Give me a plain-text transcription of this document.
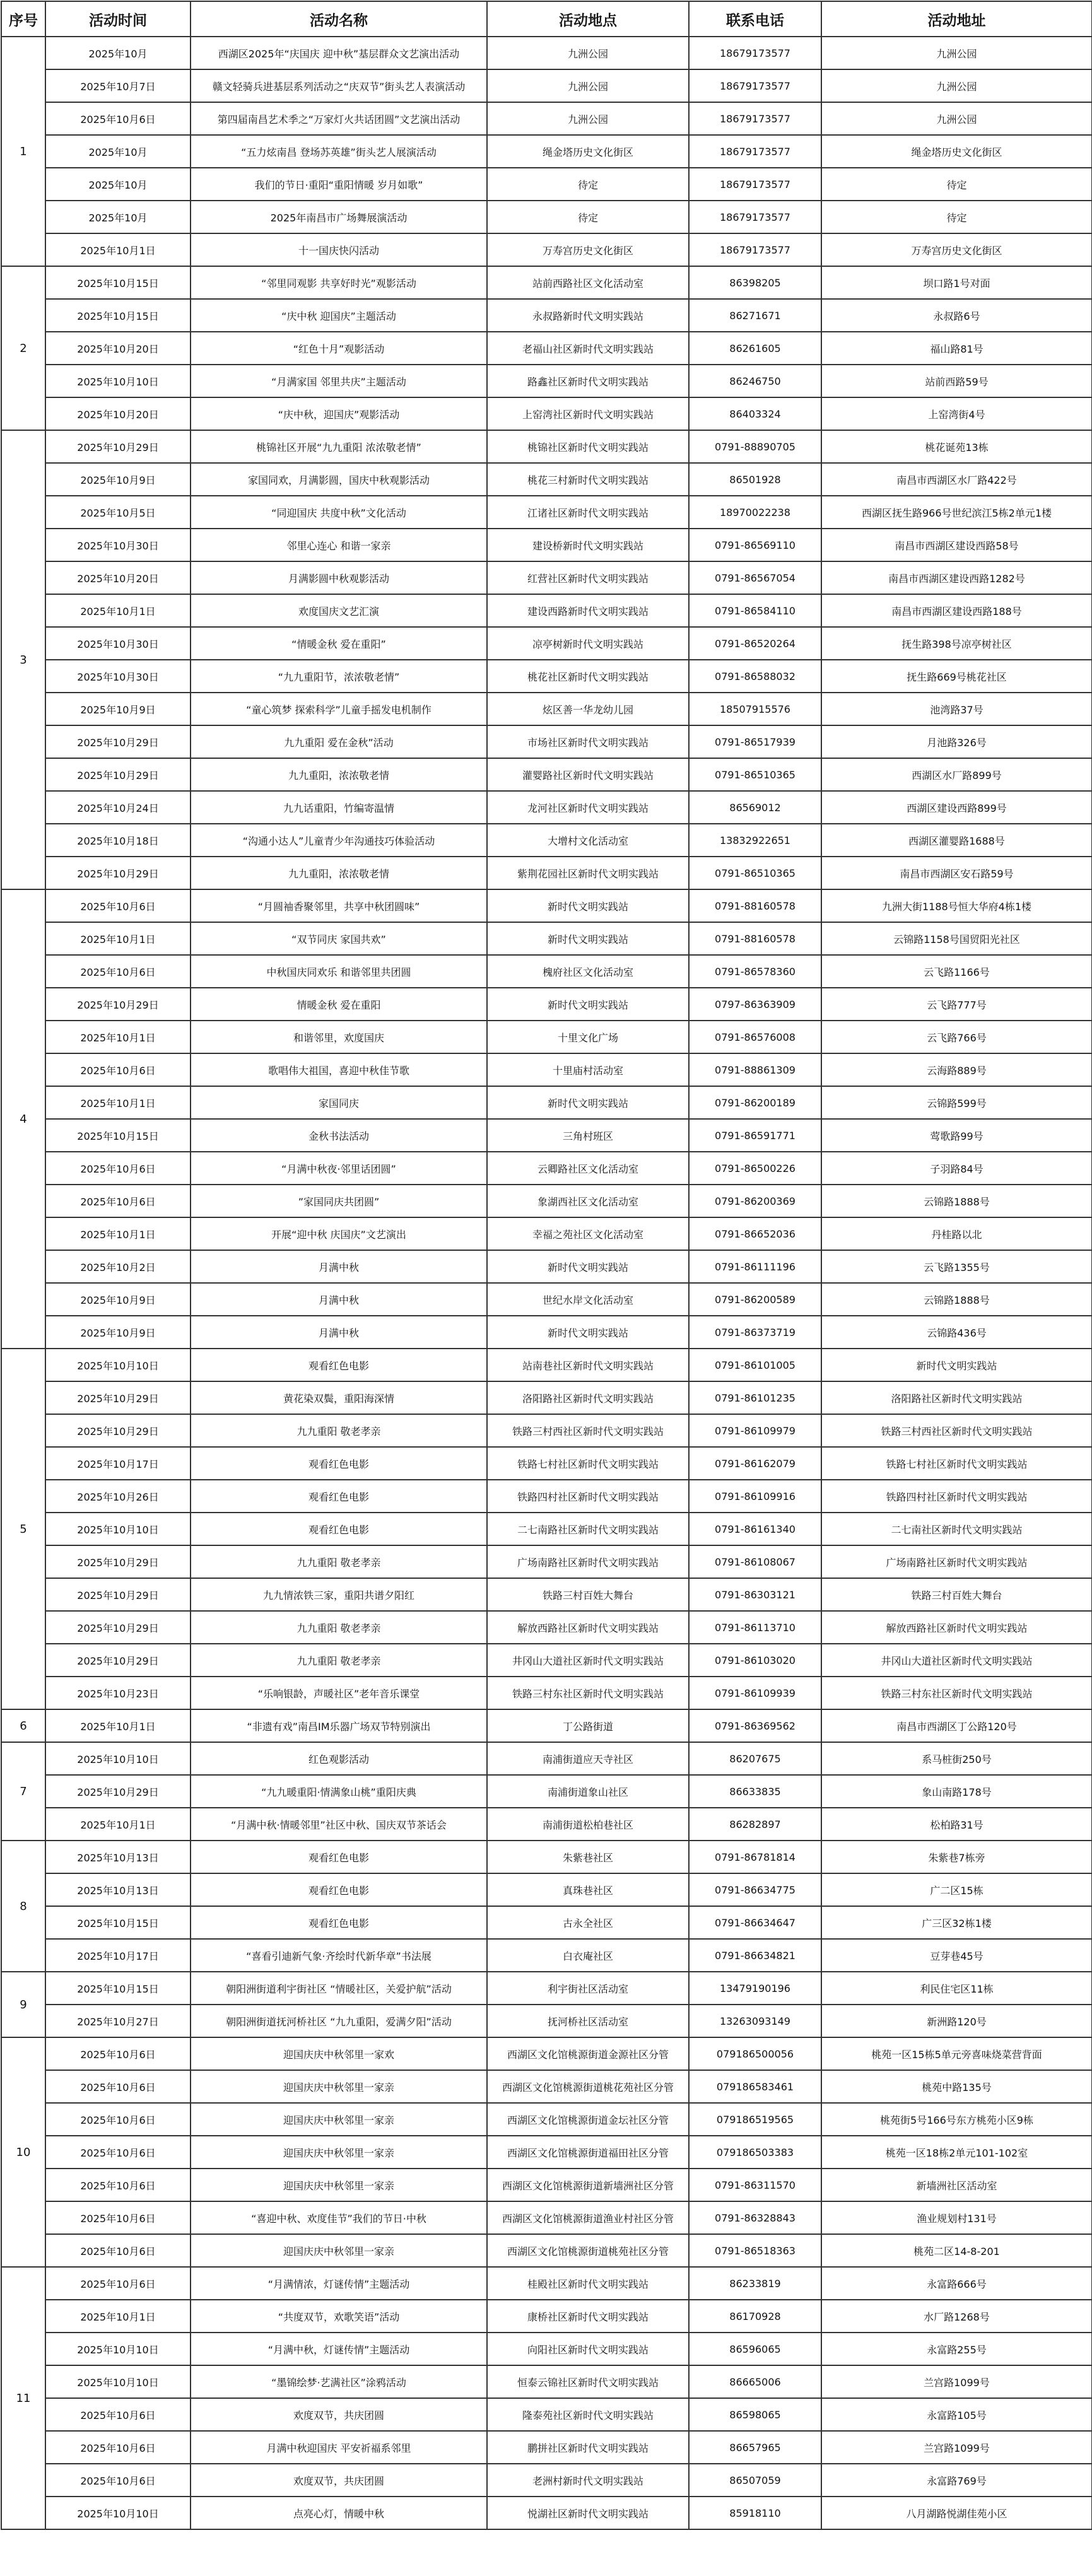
序号	活动时间	活动名称	活动地点	联系电话	活动地址
1	2025年10月	西湖区2025年“庆国庆 迎中秋”基层群众文艺演出活动	九洲公园	18679173577	九洲公园
	2025年10月7日	赣文轻骑兵进基层系列活动之“庆双节”街头艺人表演活动	九洲公园	18679173577	九洲公园
	2025年10月6日	第四届南昌艺术季之“万家灯火共话团圆”文艺演出活动	九洲公园	18679173577	九洲公园
	2025年10月	“五力炫南昌 登场苏英雄”街头艺人展演活动	绳金塔历史文化街区	18679173577	绳金塔历史文化街区
	2025年10月	我们的节日·重阳“重阳情暖 岁月如歌”	待定	18679173577	待定
	2025年10月	2025年南昌市广场舞展演活动	待定	18679173577	待定
	2025年10月1日	十一国庆快闪活动	万寿宫历史文化街区	18679173577	万寿宫历史文化街区
2	2025年10月15日	“邻里同观影 共享好时光”观影活动	站前西路社区文化活动室	86398205	坝口路1号对面
	2025年10月15日	“庆中秋 迎国庆”主题活动	永叔路新时代文明实践站	86271671	永叔路6号
	2025年10月20日	“红色十月”观影活动	老福山社区新时代文明实践站	86261605	福山路81号
	2025年10月10日	“月满家国 邻里共庆”主题活动	路鑫社区新时代文明实践站	86246750	站前西路59号
	2025年10月20日	“庆中秋，迎国庆”观影活动	上窑湾社区新时代文明实践站	86403324	上窑湾街4号
3	2025年10月29日	桃锦社区开展“九九重阳 浓浓敬老情”	桃锦社区新时代文明实践站	0791-88890705	桃花诞苑13栋
	2025年10月9日	家国同欢，月满影圆，国庆中秋观影活动	桃花三村新时代文明实践站	86501928	南昌市西湖区水厂路422号
	2025年10月5日	“同迎国庆 共度中秋”文化活动	江诸社区新时代文明实践站	18970022238	西湖区抚生路966号世纪滨江5栋2单元1楼
	2025年10月30日	邻里心连心 和谐一家亲	建设桥新时代文明实践站	0791-86569110	南昌市西湖区建设西路58号
	2025年10月20日	月满影圆中秋观影活动	红营社区新时代文明实践站	0791-86567054	南昌市西湖区建设西路1282号
	2025年10月1日	欢度国庆文艺汇演	建设西路新时代文明实践站	0791-86584110	南昌市西湖区建设西路188号
	2025年10月30日	“情暖金秋 爱在重阳”	凉亭树新时代文明实践站	0791-86520264	抚生路398号凉亭树社区
	2025年10月30日	“九九重阳节，浓浓敬老情”	桃花社区新时代文明实践站	0791-86588032	抚生路669号桃花社区
	2025年10月9日	“童心筑梦 探索科学”儿童手摇发电机制作	炫区善一华龙幼儿园	18507915576	池湾路37号
	2025年10月29日	九九重阳 爱在金秋”活动	市场社区新时代文明实践站	0791-86517939	月池路326号
	2025年10月29日	九九重阳，浓浓敬老情	灌婴路社区新时代文明实践站	0791-86510365	西湖区水厂路899号
	2025年10月24日	九九话重阳，竹编寄温情	龙河社区新时代文明实践站	86569012	西湖区建设西路899号
	2025年10月18日	“沟通小达人”儿童青少年沟通技巧体验活动	大增村文化活动室	13832922651	西湖区灌婴路1688号
	2025年10月29日	九九重阳，浓浓敬老情	紫荆花园社区新时代文明实践站	0791-86510365	南昌市西湖区安石路59号
4	2025年10月6日	“月圆袖香聚邻里，共享中秋团圆味”	新时代文明实践站	0791-88160578	九洲大街1188号恒大华府4栋1楼
	2025年10月1日	“双节同庆 家国共欢”	新时代文明实践站	0791-88160578	云锦路1158号国贸阳光社区
	2025年10月6日	中秋国庆同欢乐 和谐邻里共团圆	槐府社区文化活动室	0791-86578360	云飞路1166号
	2025年10月29日	情暖金秋 爱在重阳	新时代文明实践站	0797-86363909	云飞路777号
	2025年10月1日	和谐邻里，欢度国庆	十里文化广场	0791-86576008	云飞路766号
	2025年10月6日	歌唱伟大祖国，喜迎中秋佳节歌	十里庙村活动室	0791-88861309	云海路889号
	2025年10月1日	家国同庆	新时代文明实践站	0791-86200189	云锦路599号
	2025年10月15日	金秋书法活动	三角村班区	0791-86591771	莺歌路99号
	2025年10月6日	“月满中秋夜·邻里话团圆”	云卿路社区文化活动室	0791-86500226	子羽路84号
	2025年10月6日	”家国同庆共团圆”	象湖西社区文化活动室	0791-86200369	云锦路1888号
	2025年10月1日	开展“迎中秋 庆国庆”文艺演出	幸福之苑社区文化活动室	0791-86652036	丹桂路以北
	2025年10月2日	月满中秋	新时代文明实践站	0791-86111196	云飞路1355号
	2025年10月9日	月满中秋	世纪水岸文化活动室	0791-86200589	云锦路1888号
	2025年10月9日	月满中秋	新时代文明实践站	0791-86373719	云锦路436号
5	2025年10月10日	观看红色电影	站南巷社区新时代文明实践站	0791-86101005	新时代文明实践站
	2025年10月29日	黄花染双鬓，重阳海深情	洛阳路社区新时代文明实践站	0791-86101235	洛阳路社区新时代文明实践站
	2025年10月29日	九九重阳 敬老孝亲	铁路三村西社区新时代文明实践站	0791-86109979	铁路三村西社区新时代文明实践站
	2025年10月17日	观看红色电影	铁路七村社区新时代文明实践站	0791-86162079	铁路七村社区新时代文明实践站
	2025年10月26日	观看红色电影	铁路四村社区新时代文明实践站	0791-86109916	铁路四村社区新时代文明实践站
	2025年10月10日	观看红色电影	二七南路社区新时代文明实践站	0791-86161340	二七南社区新时代文明实践站
	2025年10月29日	九九重阳 敬老孝亲	广场南路社区新时代文明实践站	0791-86108067	广场南路社区新时代文明实践站
	2025年10月29日	九九情浓铁三家，重阳共谱夕阳红	铁路三村百姓大舞台	0791-86303121	铁路三村百姓大舞台
	2025年10月29日	九九重阳 敬老孝亲	解放西路社区新时代文明实践站	0791-86113710	解放西路社区新时代文明实践站
	2025年10月29日	九九重阳 敬老孝亲	井冈山大道社区新时代文明实践站	0791-86103020	井冈山大道社区新时代文明实践站
	2025年10月23日	“乐响银龄，声暖社区”老年音乐课堂	铁路三村东社区新时代文明实践站	0791-86109939	铁路三村东社区新时代文明实践站
6	2025年10月1日	“非遗有戏”南昌IM乐器广场双节特别演出	丁公路街道	0791-86369562	南昌市西湖区丁公路120号
7	2025年10月10日	红色观影活动	南浦街道应天寺社区	86207675	系马桩街250号
	2025年10月29日	“九九暖重阳·情满象山桃”重阳庆典	南浦街道象山社区	86633835	象山南路178号
	2025年10月1日	“月满中秋·情暖邻里”社区中秋、国庆双节茶话会	南浦街道松柏巷社区	86282897	松柏路31号
8	2025年10月13日	观看红色电影	朱紫巷社区	0791-86781814	朱紫巷7栋旁
	2025年10月13日	观看红色电影	真珠巷社区	0791-86634775	广二区15栋
	2025年10月15日	观看红色电影	古永全社区	0791-86634647	广三区32栋1楼
	2025年10月17日	“喜看引迪新气象·齐绘时代新华章”书法展	白衣庵社区	0791-86634821	豆芽巷45号
9	2025年10月15日	朝阳洲街道利宇街社区 “情暖社区，关爱护航”活动	利宇街社区活动室	13479190196	利民住宅区11栋
	2025年10月27日	朝阳洲街道抚河桥社区 “九九重阳，爱满夕阳”活动	抚河桥社区活动室	13263093149	新洲路120号
10	2025年10月6日	迎国庆庆中秋邻里一家欢	西湖区文化馆桃源街道金源社区分管	079186500056	桃苑一区15栋5单元旁喜味烧菜营背面
	2025年10月6日	迎国庆庆中秋邻里一家亲	西湖区文化馆桃源街道桃花苑社区分管	079186583461	桃苑中路135号
	2025年10月6日	迎国庆庆中秋邻里一家亲	西湖区文化馆桃源街道金坛社区分管	079186519565	桃苑街5号166号东方桃苑小区9栋
	2025年10月6日	迎国庆庆中秋邻里一家亲	西湖区文化馆桃源街道福田社区分管	079186503383	桃苑一区18栋2单元101-102室
	2025年10月6日	迎国庆庆中秋邻里一家亲	西湖区文化馆桃源街道新墙洲社区分管	0791-86311570	新墙洲社区活动室
	2025年10月6日	“喜迎中秋、欢度佳节”我们的节日·中秋	西湖区文化馆桃源街道渔业村社区分管	0791-86328843	渔业规划村131号
	2025年10月6日	迎国庆庆中秋邻里一家亲	西湖区文化馆桃源街道桃苑社区分管	0791-86518363	桃苑二区14-8-201
11	2025年10月6日	“月满情浓，灯谜传情”主题活动	桂殿社区新时代文明实践站	86233819	永富路666号
	2025年10月1日	“共度双节，欢歌笑语”活动	康桥社区新时代文明实践站	86170928	水厂路1268号
	2025年10月10日	“月满中秋，灯谜传情”主题活动	向阳社区新时代文明实践站	86596065	永富路255号
	2025年10月10日	“墨锦绘梦·艺满社区”涂鸦活动	恒泰云锦社区新时代文明实践站	86665006	兰宫路1099号
	2025年10月6日	欢度双节，共庆团圆	隆泰苑社区新时代文明实践站	86598065	永富路105号
	2025年10月6日	月满中秋迎国庆 平安祈福系邻里	鹏拼社区新时代文明实践站	86657965	兰宫路1099号
	2025年10月6日	欢度双节，共庆团圆	老洲村新时代文明实践站	86507059	永富路769号
	2025年10月10日	点亮心灯，情暖中秋	悦湖社区新时代文明实践站	85918110	八月湖路悦湖佳苑小区
